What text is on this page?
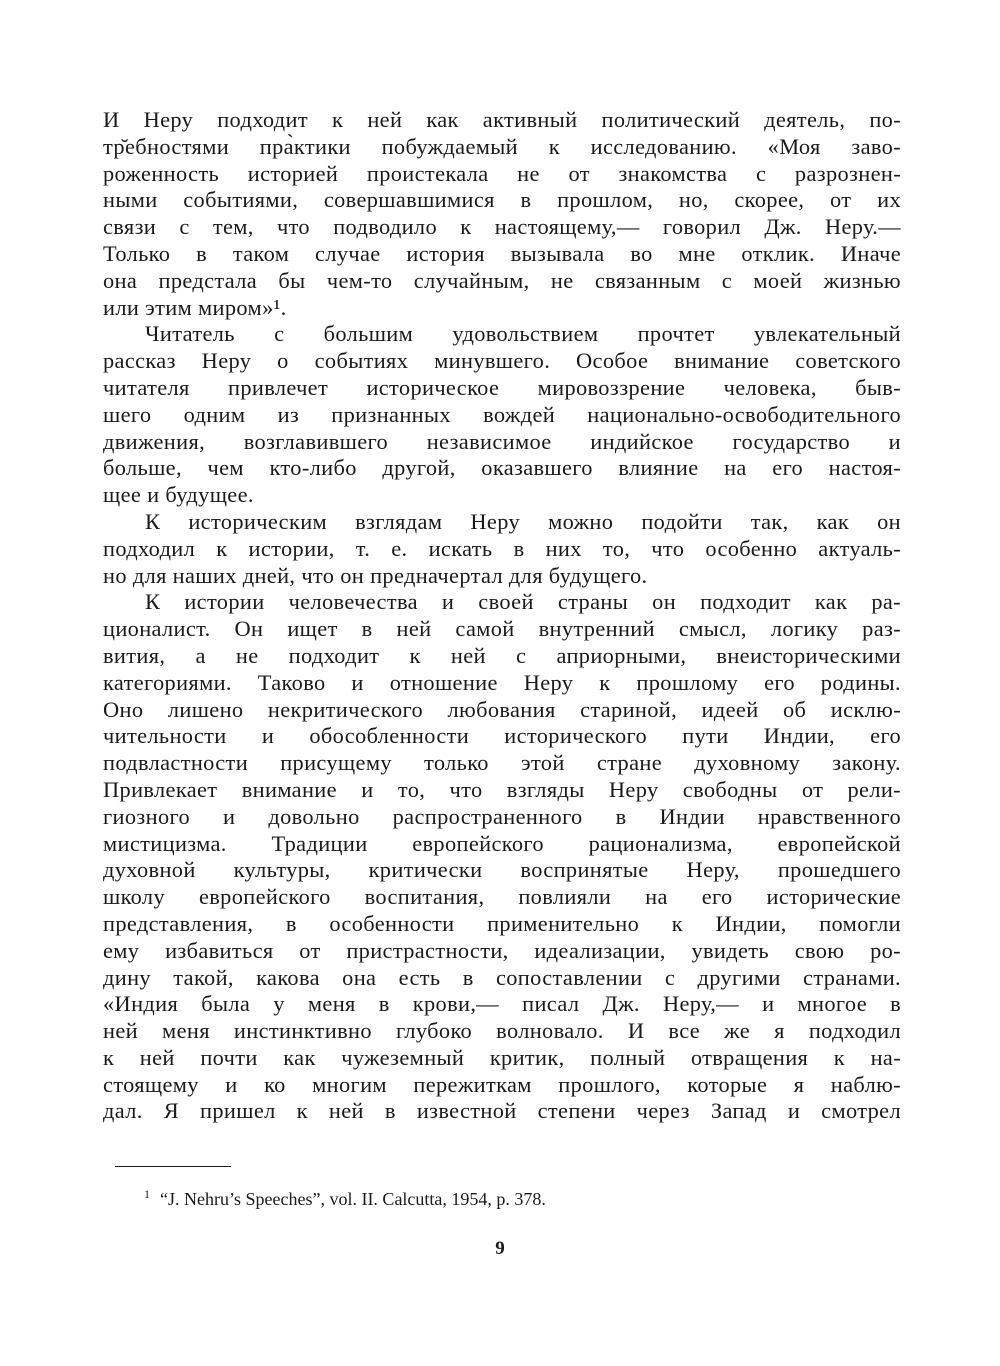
И Неру подходит к ней как активный политический деятель, по-
тр̆ебностями пра̀ктики побуждаемый к исследованию. «Моя заво-
роженность историей проистекала не от знакомства с разрознен-
ными событиями, совершавшимися в прошлом, но, скорее, от их
связи с тем, что подводило к настоящему,— говорил Дж. Неру.—
Только в таком случае история вызывала во мне отклик. Иначе
она предстала бы чем-то случайным, не связанным с моей жизнью
или этим миром»¹.
Читатель с большим удовольствием прочтет увлекательный
рассказ Неру о событиях минувшего. Особое внимание советского
читателя привлечет историческое мировоззрение человека, быв-
шего одним из признанных вождей национально-освободительного
движения, возглавившего независимое индийское государство и
больше, чем кто-либо другой, оказавшего влияние на его настоя-
щее и будущее.
К историческим взглядам Неру можно подойти так, как он
подходил к истории, т. е. искать в них то, что особенно актуаль-
но для наших дней, что он предначертал для будущего.
К истории человечества и своей страны он подходит как ра-
ционалист. Он ищет в ней самой внутренний смысл, логику раз-
вития, а не подходит к ней с априорными, внеисторическими
категориями. Таково и отношение Неру к прошлому его родины.
Оно лишено некритического любования стариной, идеей об исклю-
чительности и обособленности исторического пути Индии, его
подвластности присущему только этой стране духовному закону.
Привлекает внимание и то, что взгляды Неру свободны от рели-
гиозного и довольно распространенного в Индии нравственного
мистицизма. Традиции европейского рационализма, европейской
духовной культуры, критически воспринятые Неру, прошедшего
школу европейского воспитания, повлияли на его исторические
представления, в особенности применительно к Индии, помогли
ему избавиться от пристрастности, идеализации, увидеть свою ро-
дину такой, какова она есть в сопоставлении с другими странами.
«Индия была у меня в крови,— писал Дж. Неру,— и многое в
ней меня инстинктивно глубоко волновало. И все же я подходил
к ней почти как чужеземный критик, полный отвращения к на-
стоящему и ко многим пережиткам прошлого, которые я наблю-
дал. Я пришел к ней в известной степени через Запад и смотрел
$^1$ “J. Nehru’s Speeches”, vol. II. Calcutta, 1954, p. 378.
9
